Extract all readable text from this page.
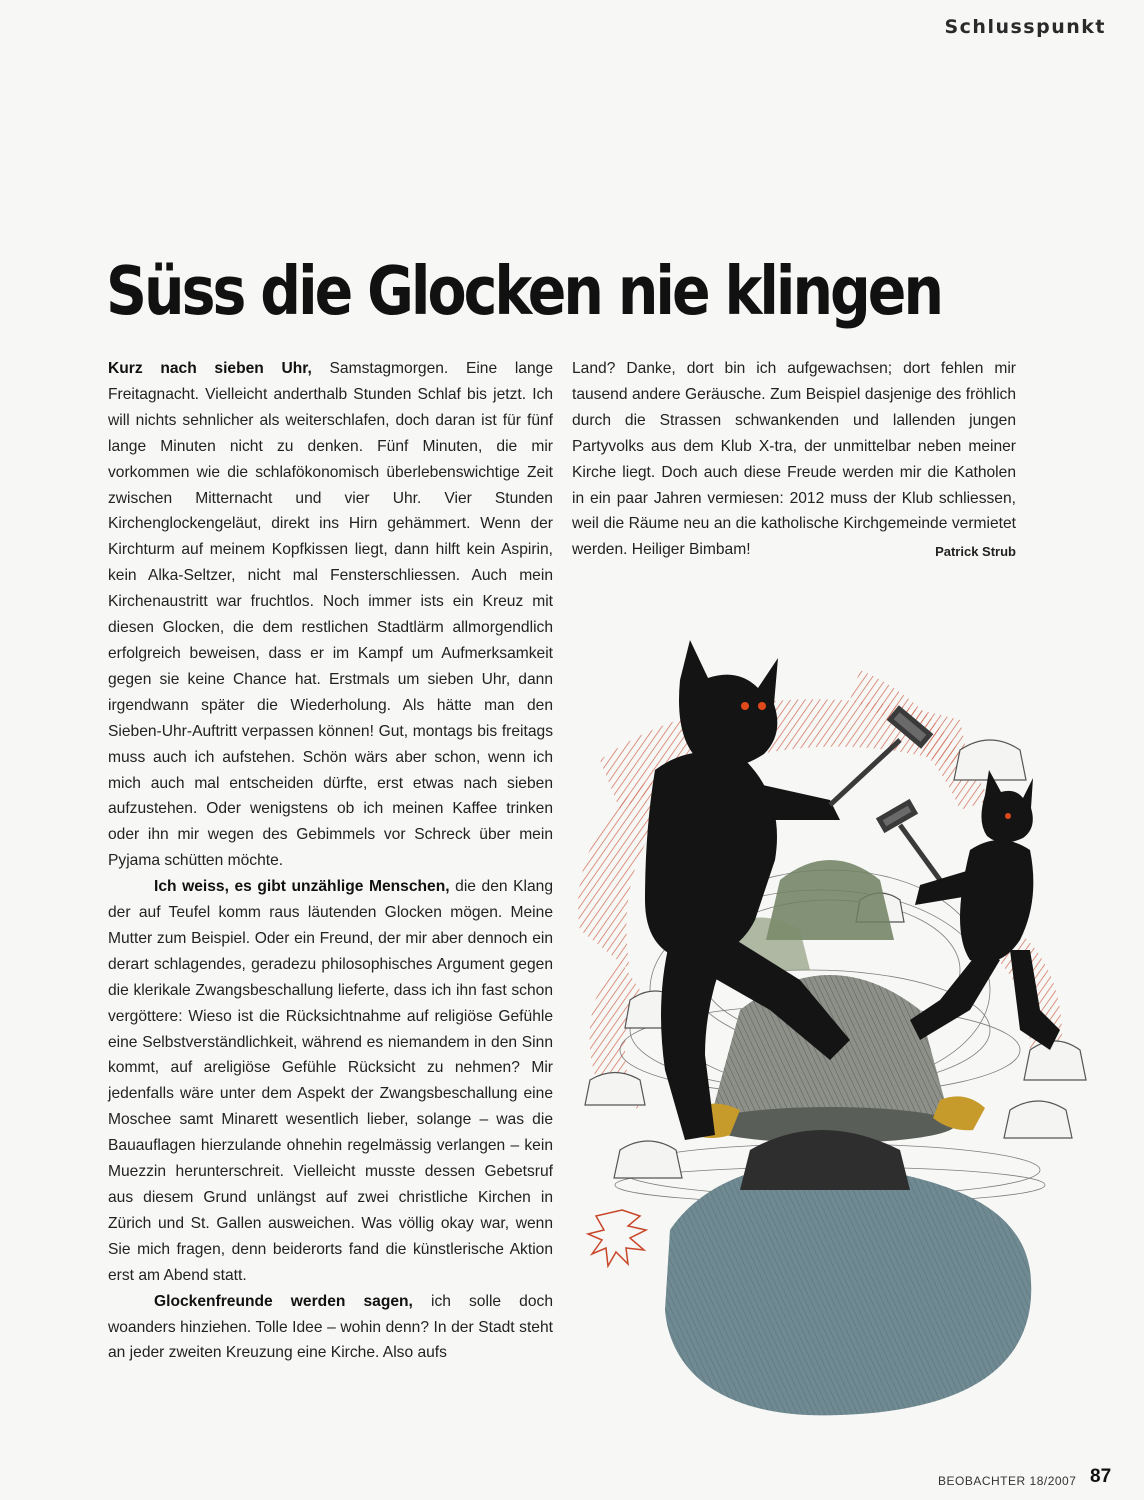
Schlusspunkt
Süss die Glocken nie klingen

Kurz nach sieben Uhr, Samstagmorgen. Eine lange Freitagnacht. Vielleicht anderthalb Stunden Schlaf bis jetzt. Ich will nichts sehnlicher als weiterschlafen, doch daran ist für fünf lange Minuten nicht zu denken. Fünf Minuten, die mir vorkommen wie die schlafökonomisch überlebenswichtige Zeit zwischen Mitternacht und vier Uhr. Vier Stunden Kirchenglockengeläut, direkt ins Hirn gehämmert. Wenn der Kirchturm auf meinem Kopfkissen liegt, dann hilft kein Aspirin, kein Alka-Seltzer, nicht mal Fensterschliessen. Auch mein Kirchenaustritt war fruchtlos. Noch immer ists ein Kreuz mit diesen Glocken, die dem restlichen Stadtlärm allmorgendlich erfolgreich beweisen, dass er im Kampf um Aufmerksamkeit gegen sie keine Chance hat. Erstmals um sieben Uhr, dann irgendwann später die Wiederholung. Als hätte man den Sieben-Uhr-Auftritt verpassen können! Gut, montags bis freitags muss auch ich aufstehen. Schön wärs aber schon, wenn ich mich auch mal entscheiden dürfte, erst etwas nach sieben aufzustehen. Oder wenigstens ob ich meinen Kaffee trinken oder ihn mir wegen des Gebimmels vor Schreck über mein Pyjama schütten möchte.

Ich weiss, es gibt unzählige Menschen, die den Klang der auf Teufel komm raus läutenden Glocken mögen. Meine Mutter zum Beispiel. Oder ein Freund, der mir aber dennoch ein derart schlagendes, geradezu philosophisches Argument gegen die klerikale Zwangsbeschallung lieferte, dass ich ihn fast schon vergöttere: Wieso ist die Rücksichtnahme auf religiöse Gefühle eine Selbstverständlichkeit, während es niemandem in den Sinn kommt, auf areligiöse Gefühle Rücksicht zu nehmen? Mir jedenfalls wäre unter dem Aspekt der Zwangsbeschallung eine Moschee samt Minarett wesentlich lieber, solange – was die Bauauflagen hierzulande ohnehin regelmässig verlangen – kein Muezzin herunterschreit. Vielleicht musste dessen Gebetsruf aus diesem Grund unlängst auf zwei christliche Kirchen in Zürich und St. Gallen ausweichen. Was völlig okay war, wenn Sie mich fragen, denn beiderorts fand die künstlerische Aktion erst am Abend statt.

Glockenfreunde werden sagen, ich solle doch woanders hinziehen. Tolle Idee – wohin denn? In der Stadt steht an jeder zweiten Kreuzung eine Kirche. Also aufs

Land? Danke, dort bin ich aufgewachsen; dort fehlen mir tausend andere Geräusche. Zum Beispiel dasjenige des fröhlich durch die Strassen schwankenden und lallenden jungen Partyvolks aus dem Klub X-tra, der unmittelbar neben meiner Kirche liegt. Doch auch diese Freude werden mir die Katholen in ein paar Jahren vermiesen: 2012 muss der Klub schliessen, weil die Räume neu an die katholische Kirchgemeinde vermietet werden. Heiliger Bimbam!	Patrick Strub

BEOBACHTER 18/2007 87
